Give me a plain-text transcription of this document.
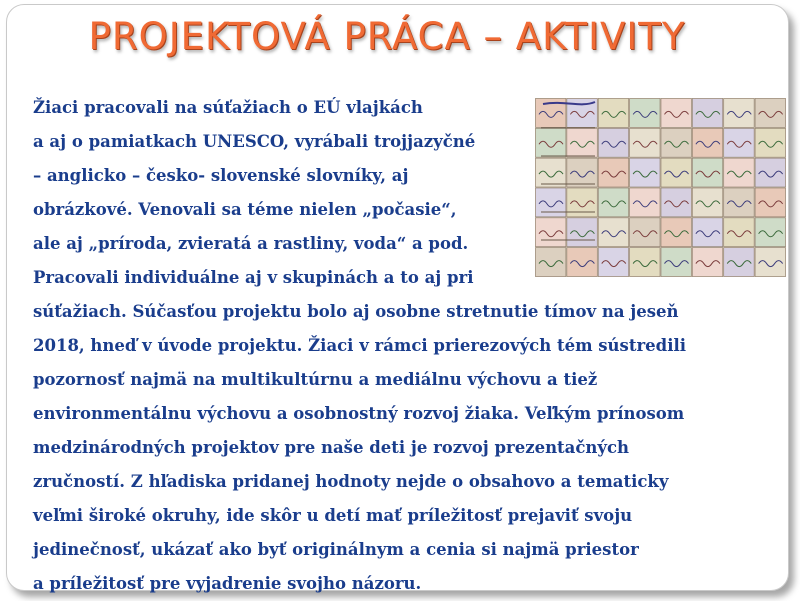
PROJEKTOVÁ PRÁCA – AKTIVITY
Žiaci pracovali na súťažiach o EÚ vlajkách
a aj o pamiatkach UNESCO, vyrábali trojjazyčné
– anglicko – česko- slovenské slovníky, aj
obrázkové. Venovali sa téme nielen „počasie“,
ale aj „príroda, zvieratá a rastliny, voda“ a pod.
Pracovali individuálne aj v skupinách a to aj pri
súťažiach. Súčasťou projektu bolo aj osobne stretnutie tímov na jeseň
2018, hneď v úvode projektu. Žiaci v rámci prierezových tém sústredili
pozornosť najmä na multikultúrnu a mediálnu výchovu a tiež
environmentálnu výchovu a osobnostný rozvoj žiaka. Veľkým prínosom
medzinárodných projektov pre naše deti je rozvoj prezentačných
zručností. Z hľadiska pridanej hodnoty nejde o obsahovo a tematicky
veľmi široké okruhy, ide skôr u detí mať príležitosť prejaviť svoju
jedinečnosť, ukázať ako byť originálnym a cenia si najmä priestor
a príležitosť pre vyjadrenie svojho názoru.
